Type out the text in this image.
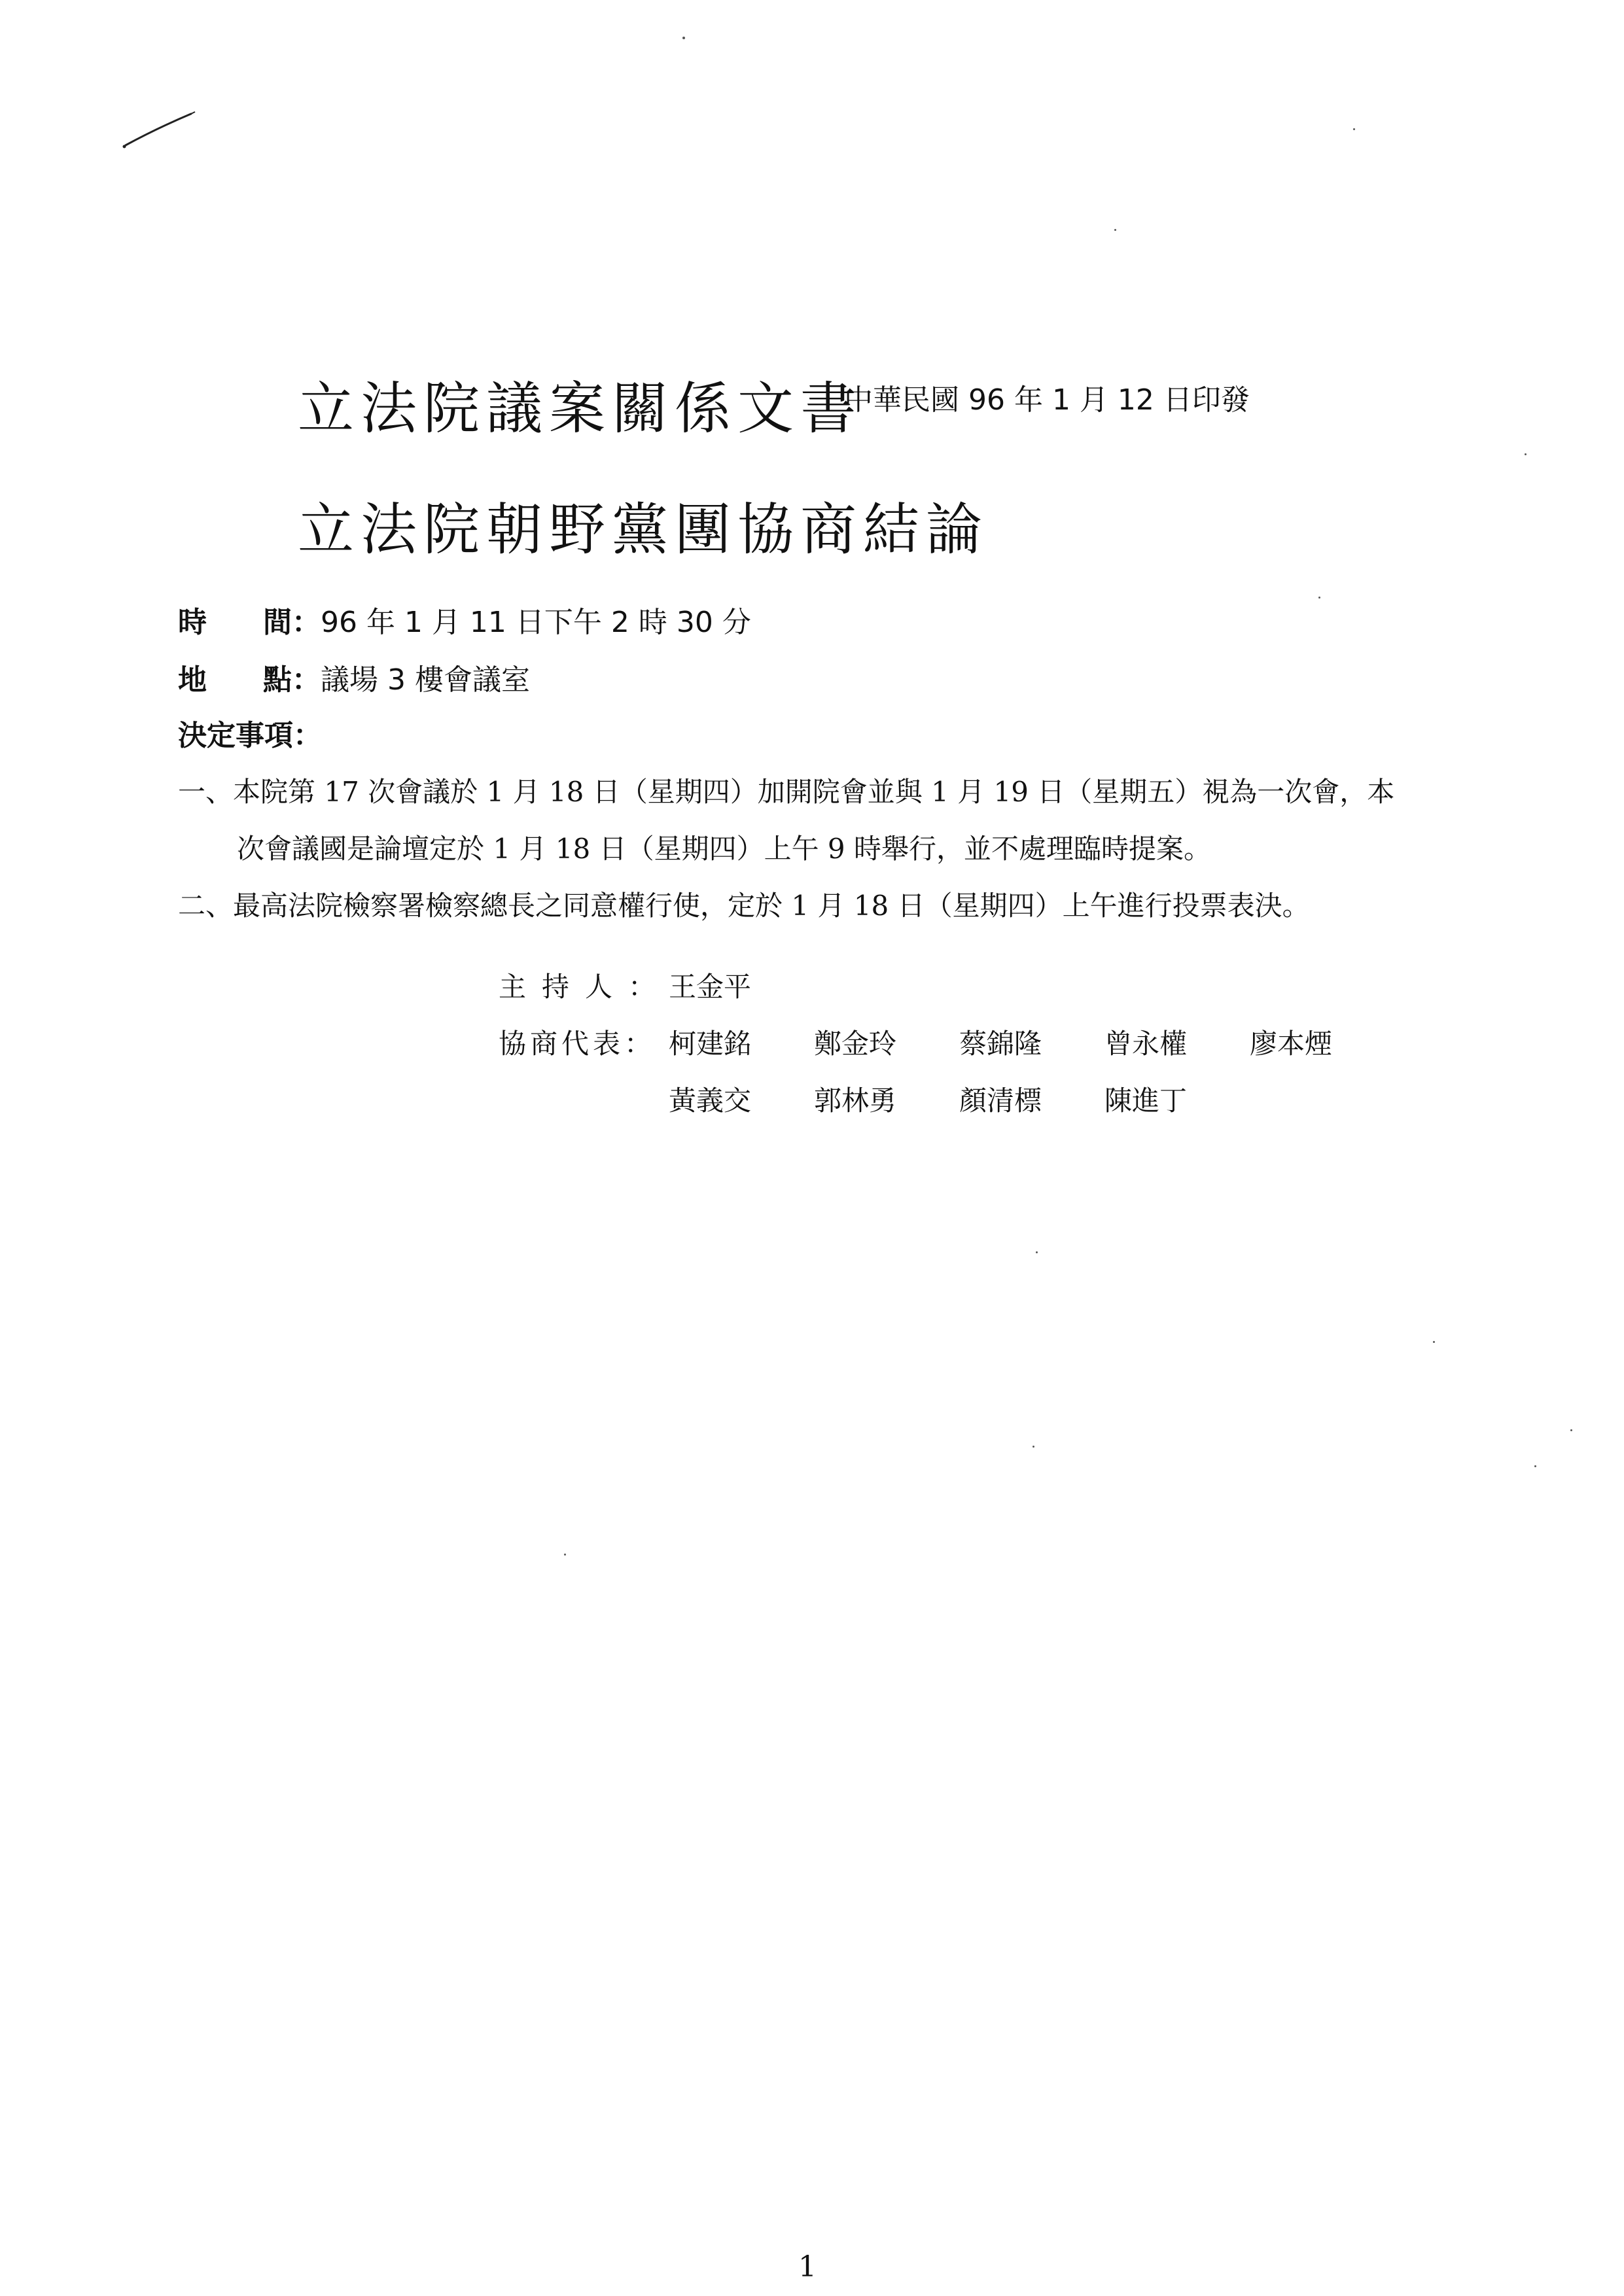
立法院議案關係文書
中華民國 96 年 1 月 12 日印發
立法院朝野黨團協商結論
時 間：96 年 1 月 11 日下午 2 時 30 分
地 點：議場 3 樓會議室
決定事項：
一、本院第 17 次會議於 1 月 18 日（星期四）加開院會並與 1 月 19 日（星期五）視為一次會，本
次會議國是論壇定於 1 月 18 日（星期四）上午 9 時舉行，並不處理臨時提案。
二、最高法院檢察署檢察總長之同意權行使，定於 1 月 18 日（星期四）上午進行投票表決。
主持人：
王金平
協商代表： 柯建銘 鄭金玲 蔡錦隆 曾永權 廖本煙
黃義交 郭林勇 顏清標 陳進丁
1
